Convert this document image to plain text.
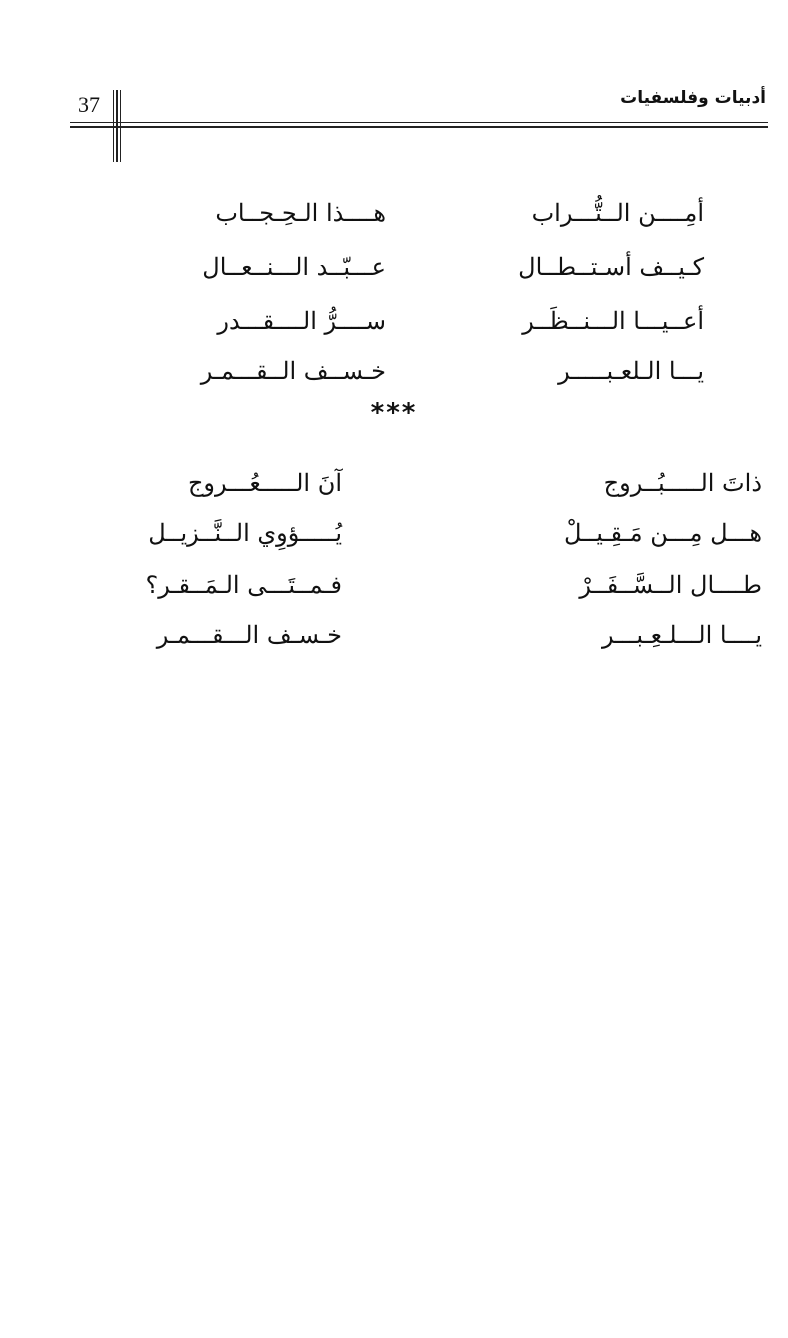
37	أدبيات وفلسفيات
أمِــــن الــتُّـــراب
هــــذا الـحِـجــاب
كـيــف أسـتــطــال
عـــبّــد الـــنــعــال
أعــيـــا الـــنــظَــر
ســــرُّ الــــقـــدر
يـــا الـلعـبـــــر
خـســف الــقـــمـر
***
ذاتَ الـــــبُــروج
آنَ الـــــعُـــروج
هـــل مِـــن مَـقِـيــلْ
يُـــــؤوِي الــنَّــزيــل
طــــال الــسَّــفَــرْ
فـمــتَـــى الـمَــقـر؟
يــــا الـــلـعِـبـــر
خـسـف الـــقـــمـر
